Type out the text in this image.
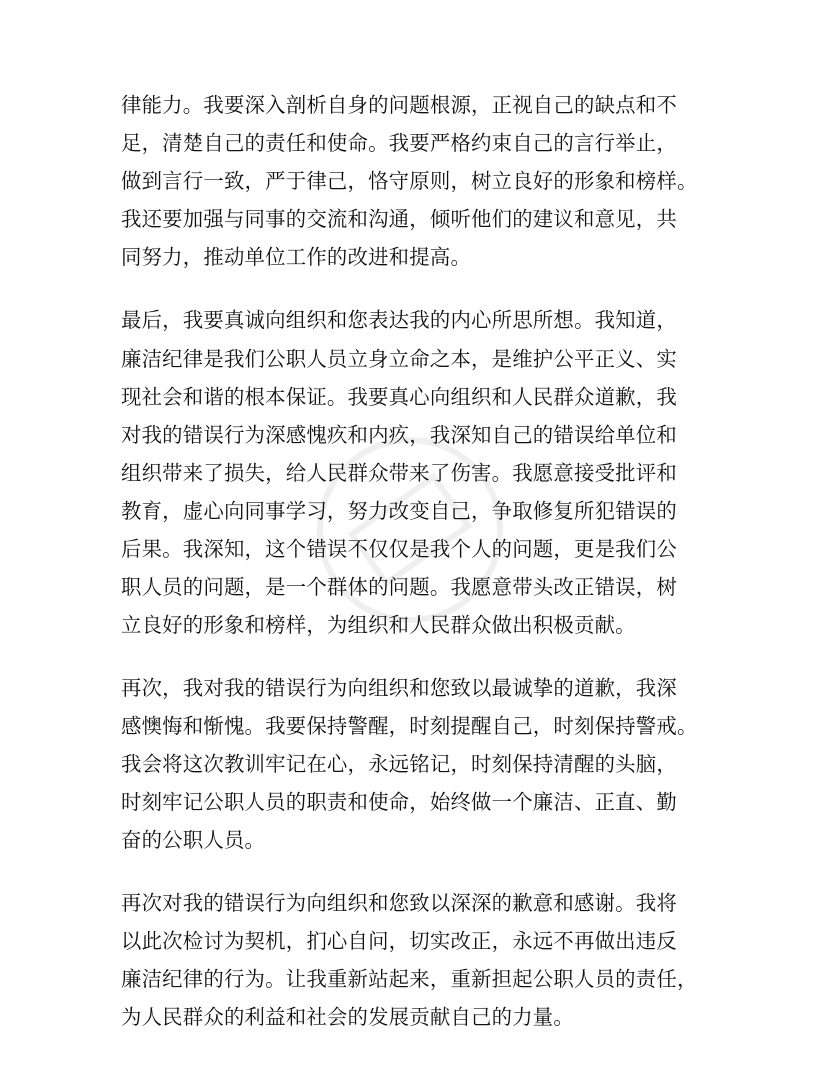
律能力。我要深入剖析自身的问题根源，正视自己的缺点和不
足，清楚自己的责任和使命。我要严格约束自己的言行举止，
做到言行一致，严于律己，恪守原则，树立良好的形象和榜样。
我还要加强与同事的交流和沟通，倾听他们的建议和意见，共
同努力，推动单位工作的改进和提高。
最后，我要真诚向组织和您表达我的内心所思所想。我知道，
廉洁纪律是我们公职人员立身立命之本，是维护公平正义、实
现社会和谐的根本保证。我要真心向组织和人民群众道歉，我
对我的错误行为深感愧疚和内疚，我深知自己的错误给单位和
组织带来了损失，给人民群众带来了伤害。我愿意接受批评和
教育，虚心向同事学习，努力改变自己，争取修复所犯错误的
后果。我深知，这个错误不仅仅是我个人的问题，更是我们公
职人员的问题，是一个群体的问题。我愿意带头改正错误，树
立良好的形象和榜样，为组织和人民群众做出积极贡献。
再次，我对我的错误行为向组织和您致以最诚挚的道歉，我深
感懊悔和惭愧。我要保持警醒，时刻提醒自己，时刻保持警戒。
我会将这次教训牢记在心，永远铭记，时刻保持清醒的头脑，
时刻牢记公职人员的职责和使命，始终做一个廉洁、正直、勤
奋的公职人员。
再次对我的错误行为向组织和您致以深深的歉意和感谢。我将
以此次检讨为契机，扪心自问，切实改正，永远不再做出违反
廉洁纪律的行为。让我重新站起来，重新担起公职人员的责任，
为人民群众的利益和社会的发展贡献自己的力量。
